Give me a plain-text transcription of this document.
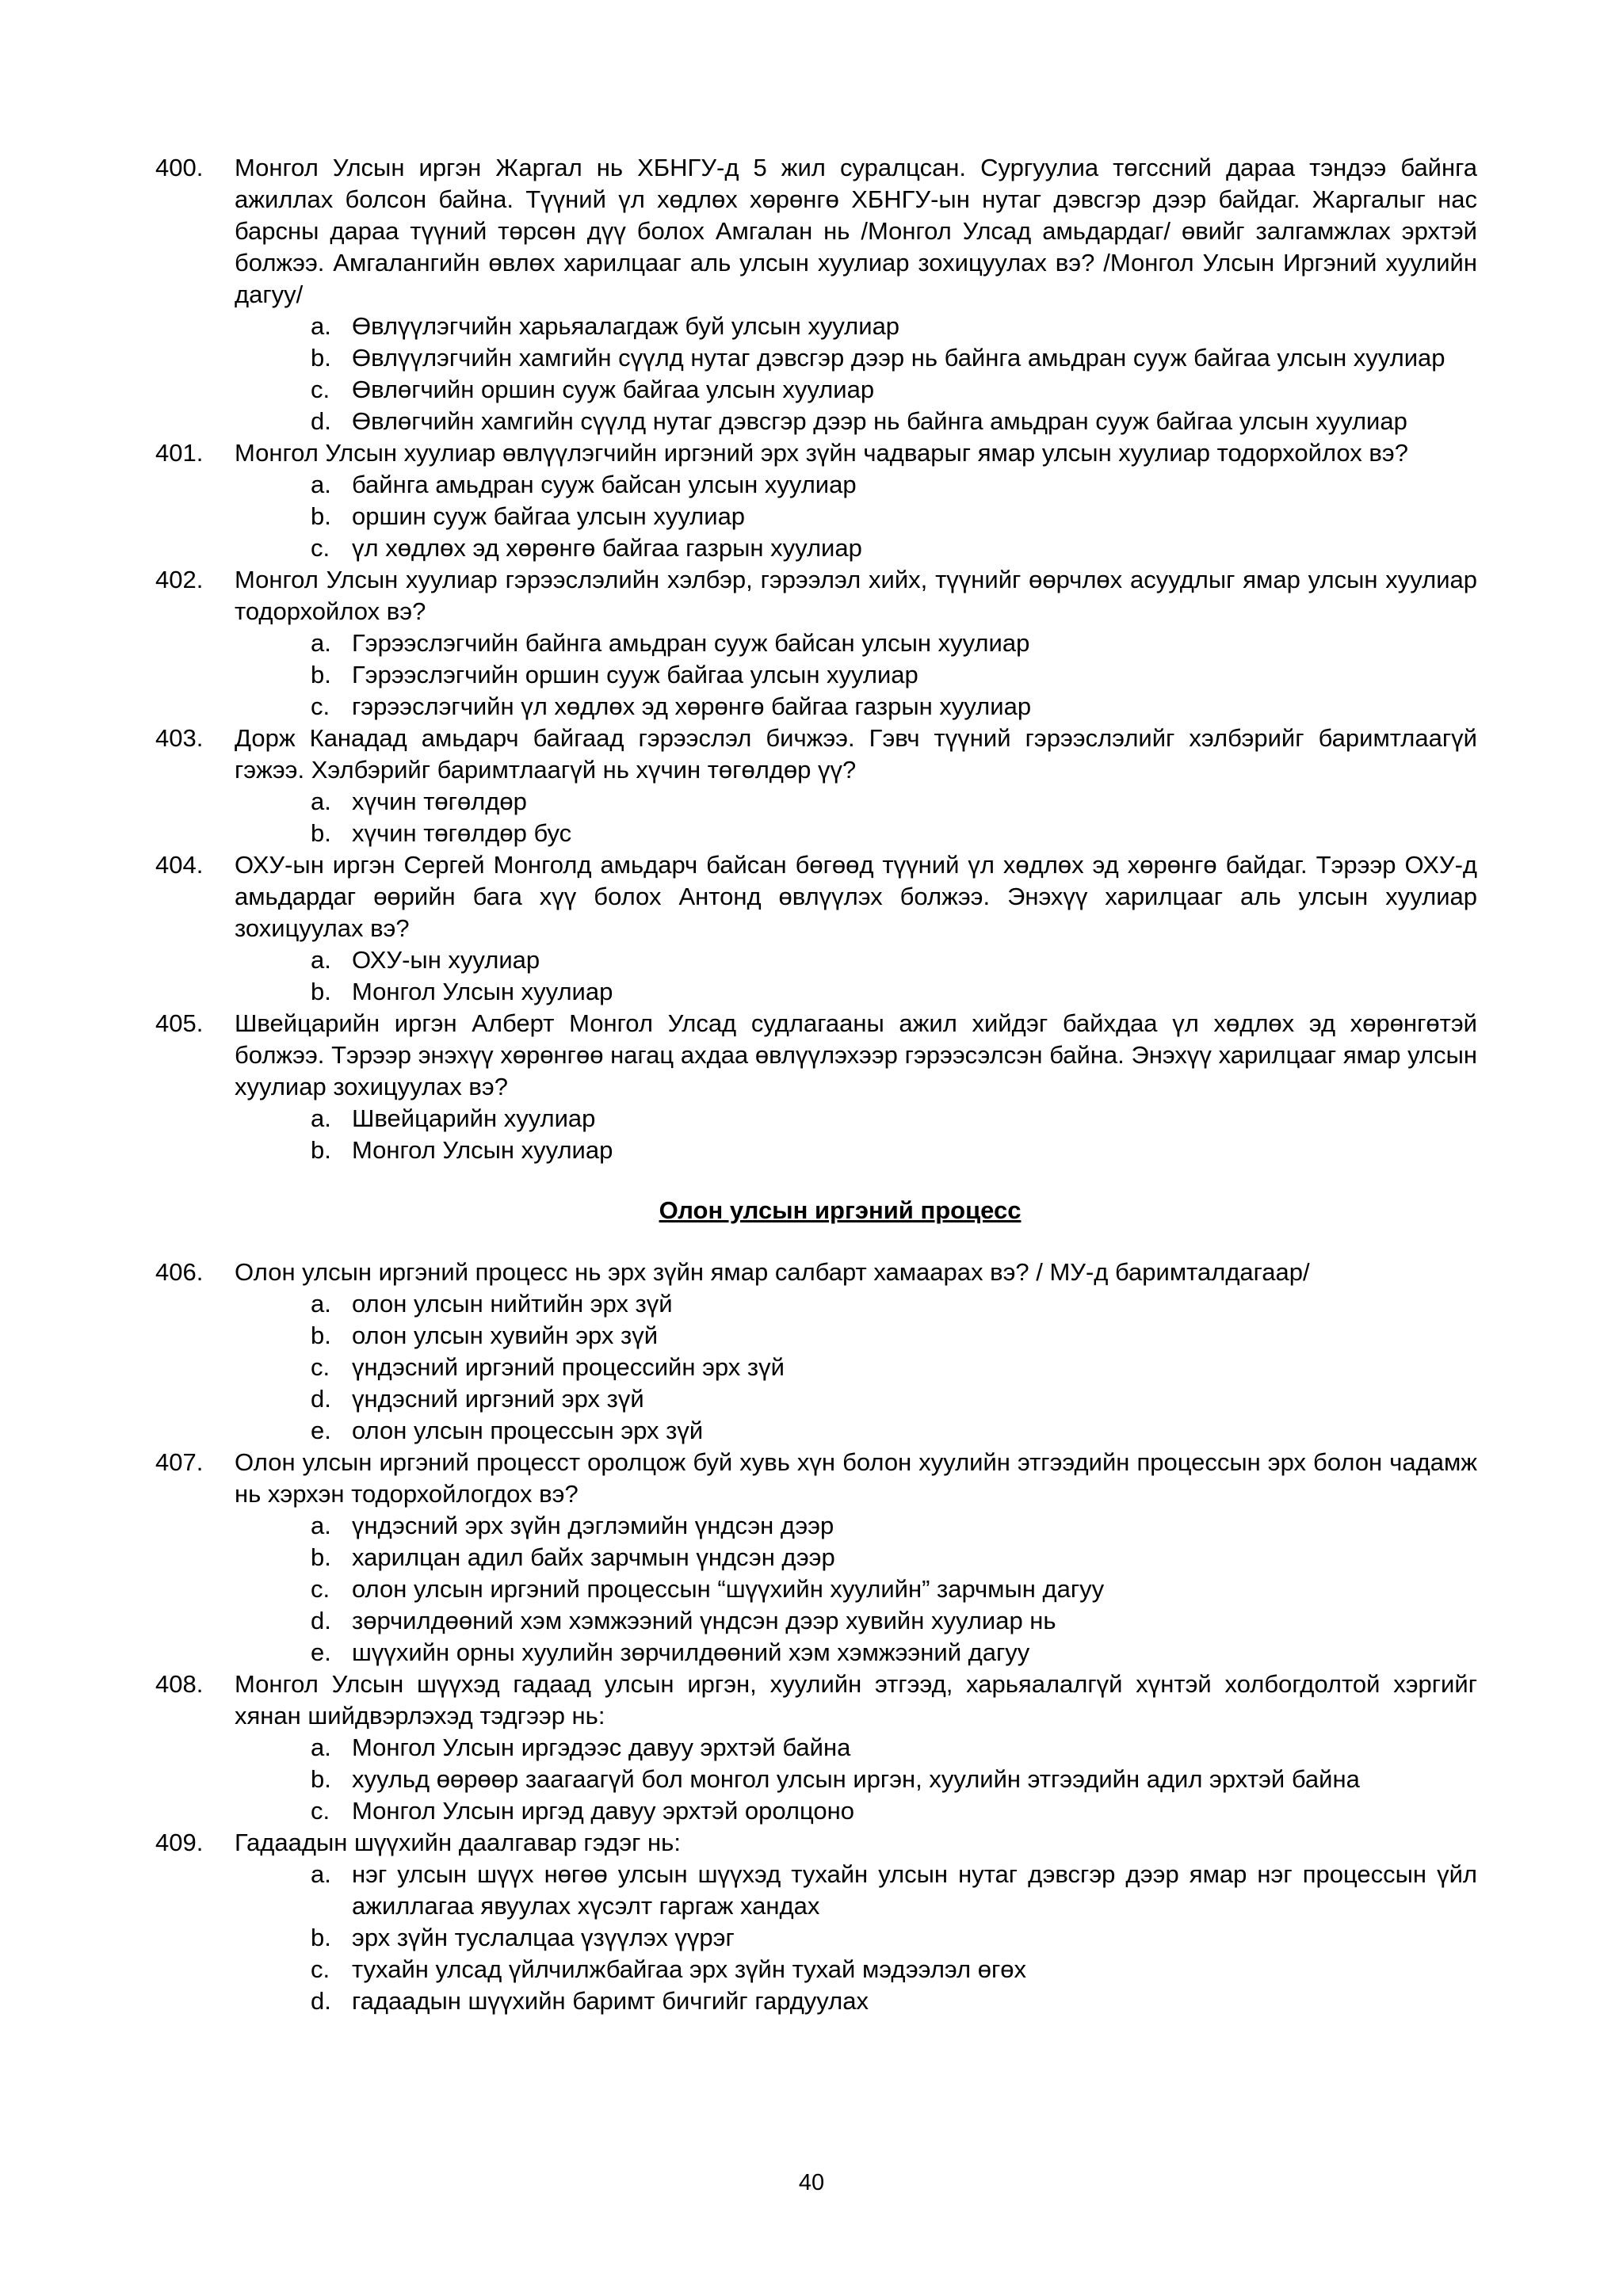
400. Монгол Улсын иргэн Жаргал нь ХБНГУ-д 5 жил суралцсан. Сургуулиа төгссний дараа тэндээ байнга ажиллах болсон байна. Түүний үл хөдлөх хөрөнгө ХБНГУ-ын нутаг дэвсгэр дээр байдаг. Жаргалыг нас барсны дараа түүний төрсөн дүү болох Амгалан нь /Монгол Улсад амьдардаг/ өвийг залгамжлах эрхтэй болжээ. Амгалангийн өвлөх харилцааг аль улсын хуулиар зохицуулах вэ? /Монгол Улсын Иргэний хуулийн дагуу/
a. Өвлүүлэгчийн харьяалагдаж буй улсын хуулиар
b. Өвлүүлэгчийн хамгийн сүүлд нутаг дэвсгэр дээр нь байнга амьдран сууж байгаа улсын хуулиар
c. Өвлөгчийн оршин сууж байгаа улсын хуулиар
d. Өвлөгчийн хамгийн сүүлд нутаг дэвсгэр дээр нь байнга амьдран сууж байгаа улсын хуулиар
401. Монгол Улсын хуулиар өвлүүлэгчийн иргэний эрх зүйн чадварыг ямар улсын хуулиар тодорхойлох вэ?
a. байнга амьдран сууж байсан улсын хуулиар
b. оршин сууж байгаа улсын хуулиар
c. үл хөдлөх эд хөрөнгө байгаа газрын хуулиар
402. Монгол Улсын хуулиар гэрээслэлийн хэлбэр, гэрээлэл хийх, түүнийг өөрчлөх асуудлыг ямар улсын хуулиар тодорхойлох вэ?
a. Гэрээслэгчийн байнга амьдран сууж байсан улсын хуулиар
b. Гэрээслэгчийн оршин сууж байгаа улсын хуулиар
c. гэрээслэгчийн үл хөдлөх эд хөрөнгө байгаа газрын хуулиар
403. Дорж Канадад амьдарч байгаад гэрээслэл бичжээ. Гэвч түүний гэрээслэлийг хэлбэрийг баримтлаагүй гэжээ. Хэлбэрийг баримтлаагүй нь хүчин төгөлдөр үү?
a. хүчин төгөлдөр
b. хүчин төгөлдөр бус
404. ОХУ-ын иргэн Сергей Монголд амьдарч байсан бөгөөд түүний үл хөдлөх эд хөрөнгө байдаг. Тэрээр ОХУ-д амьдардаг өөрийн бага хүү болох Антонд өвлүүлэх болжээ. Энэхүү харилцааг аль улсын хуулиар зохицуулах вэ?
a. ОХУ-ын хуулиар
b. Монгол Улсын хуулиар
405. Швейцарийн иргэн Алберт Монгол Улсад судлагааны ажил хийдэг байхдаа үл хөдлөх эд хөрөнгөтэй болжээ. Тэрээр энэхүү хөрөнгөө нагац ахдаа өвлүүлэхээр гэрээсэлсэн байна. Энэхүү харилцааг ямар улсын хуулиар зохицуулах вэ?
a. Швейцарийн хуулиар
b. Монгол Улсын хуулиар
Олон улсын иргэний процесс
406. Олон улсын иргэний процесс нь эрх зүйн ямар салбарт хамаарах вэ? / МУ-д баримталдагаар/
a. олон улсын нийтийн эрх зүй
b. олон улсын хувийн эрх зүй
c. үндэсний иргэний процессийн эрх зүй
d. үндэсний иргэний эрх зүй
e. олон улсын процессын эрх зүй
407. Олон улсын иргэний процесст оролцож буй хувь хүн болон хуулийн этгээдийн процессын эрх болон чадамж нь хэрхэн тодорхойлогдох вэ?
a. үндэсний эрх зүйн дэглэмийн үндсэн дээр
b. харилцан адил байх зарчмын үндсэн дээр
c. олон улсын иргэний процессын “шүүхийн хуулийн” зарчмын дагуу
d. зөрчилдөөний хэм хэмжээний үндсэн дээр хувийн хуулиар нь
e. шүүхийн орны хуулийн зөрчилдөөний хэм хэмжээний дагуу
408. Монгол Улсын шүүхэд гадаад улсын иргэн, хуулийн этгээд, харьяалалгүй хүнтэй холбогдолтой хэргийг хянан шийдвэрлэхэд тэдгээр нь:
a. Монгол Улсын иргэдээс давуу эрхтэй байна
b. хуульд өөрөөр заагаагүй бол монгол улсын иргэн, хуулийн этгээдийн адил эрхтэй байна
c. Монгол Улсын иргэд давуу эрхтэй оролцоно
409. Гадаадын шүүхийн даалгавар гэдэг нь:
a. нэг улсын шүүх нөгөө улсын шүүхэд тухайн улсын нутаг дэвсгэр дээр ямар нэг процессын үйл ажиллагаа явуулах хүсэлт гаргаж хандах
b. эрх зүйн туслалцаа үзүүлэх үүрэг
c. тухайн улсад үйлчилжбайгаа эрх зүйн тухай мэдээлэл өгөх
d. гадаадын шүүхийн баримт бичгийг гардуулах
40
